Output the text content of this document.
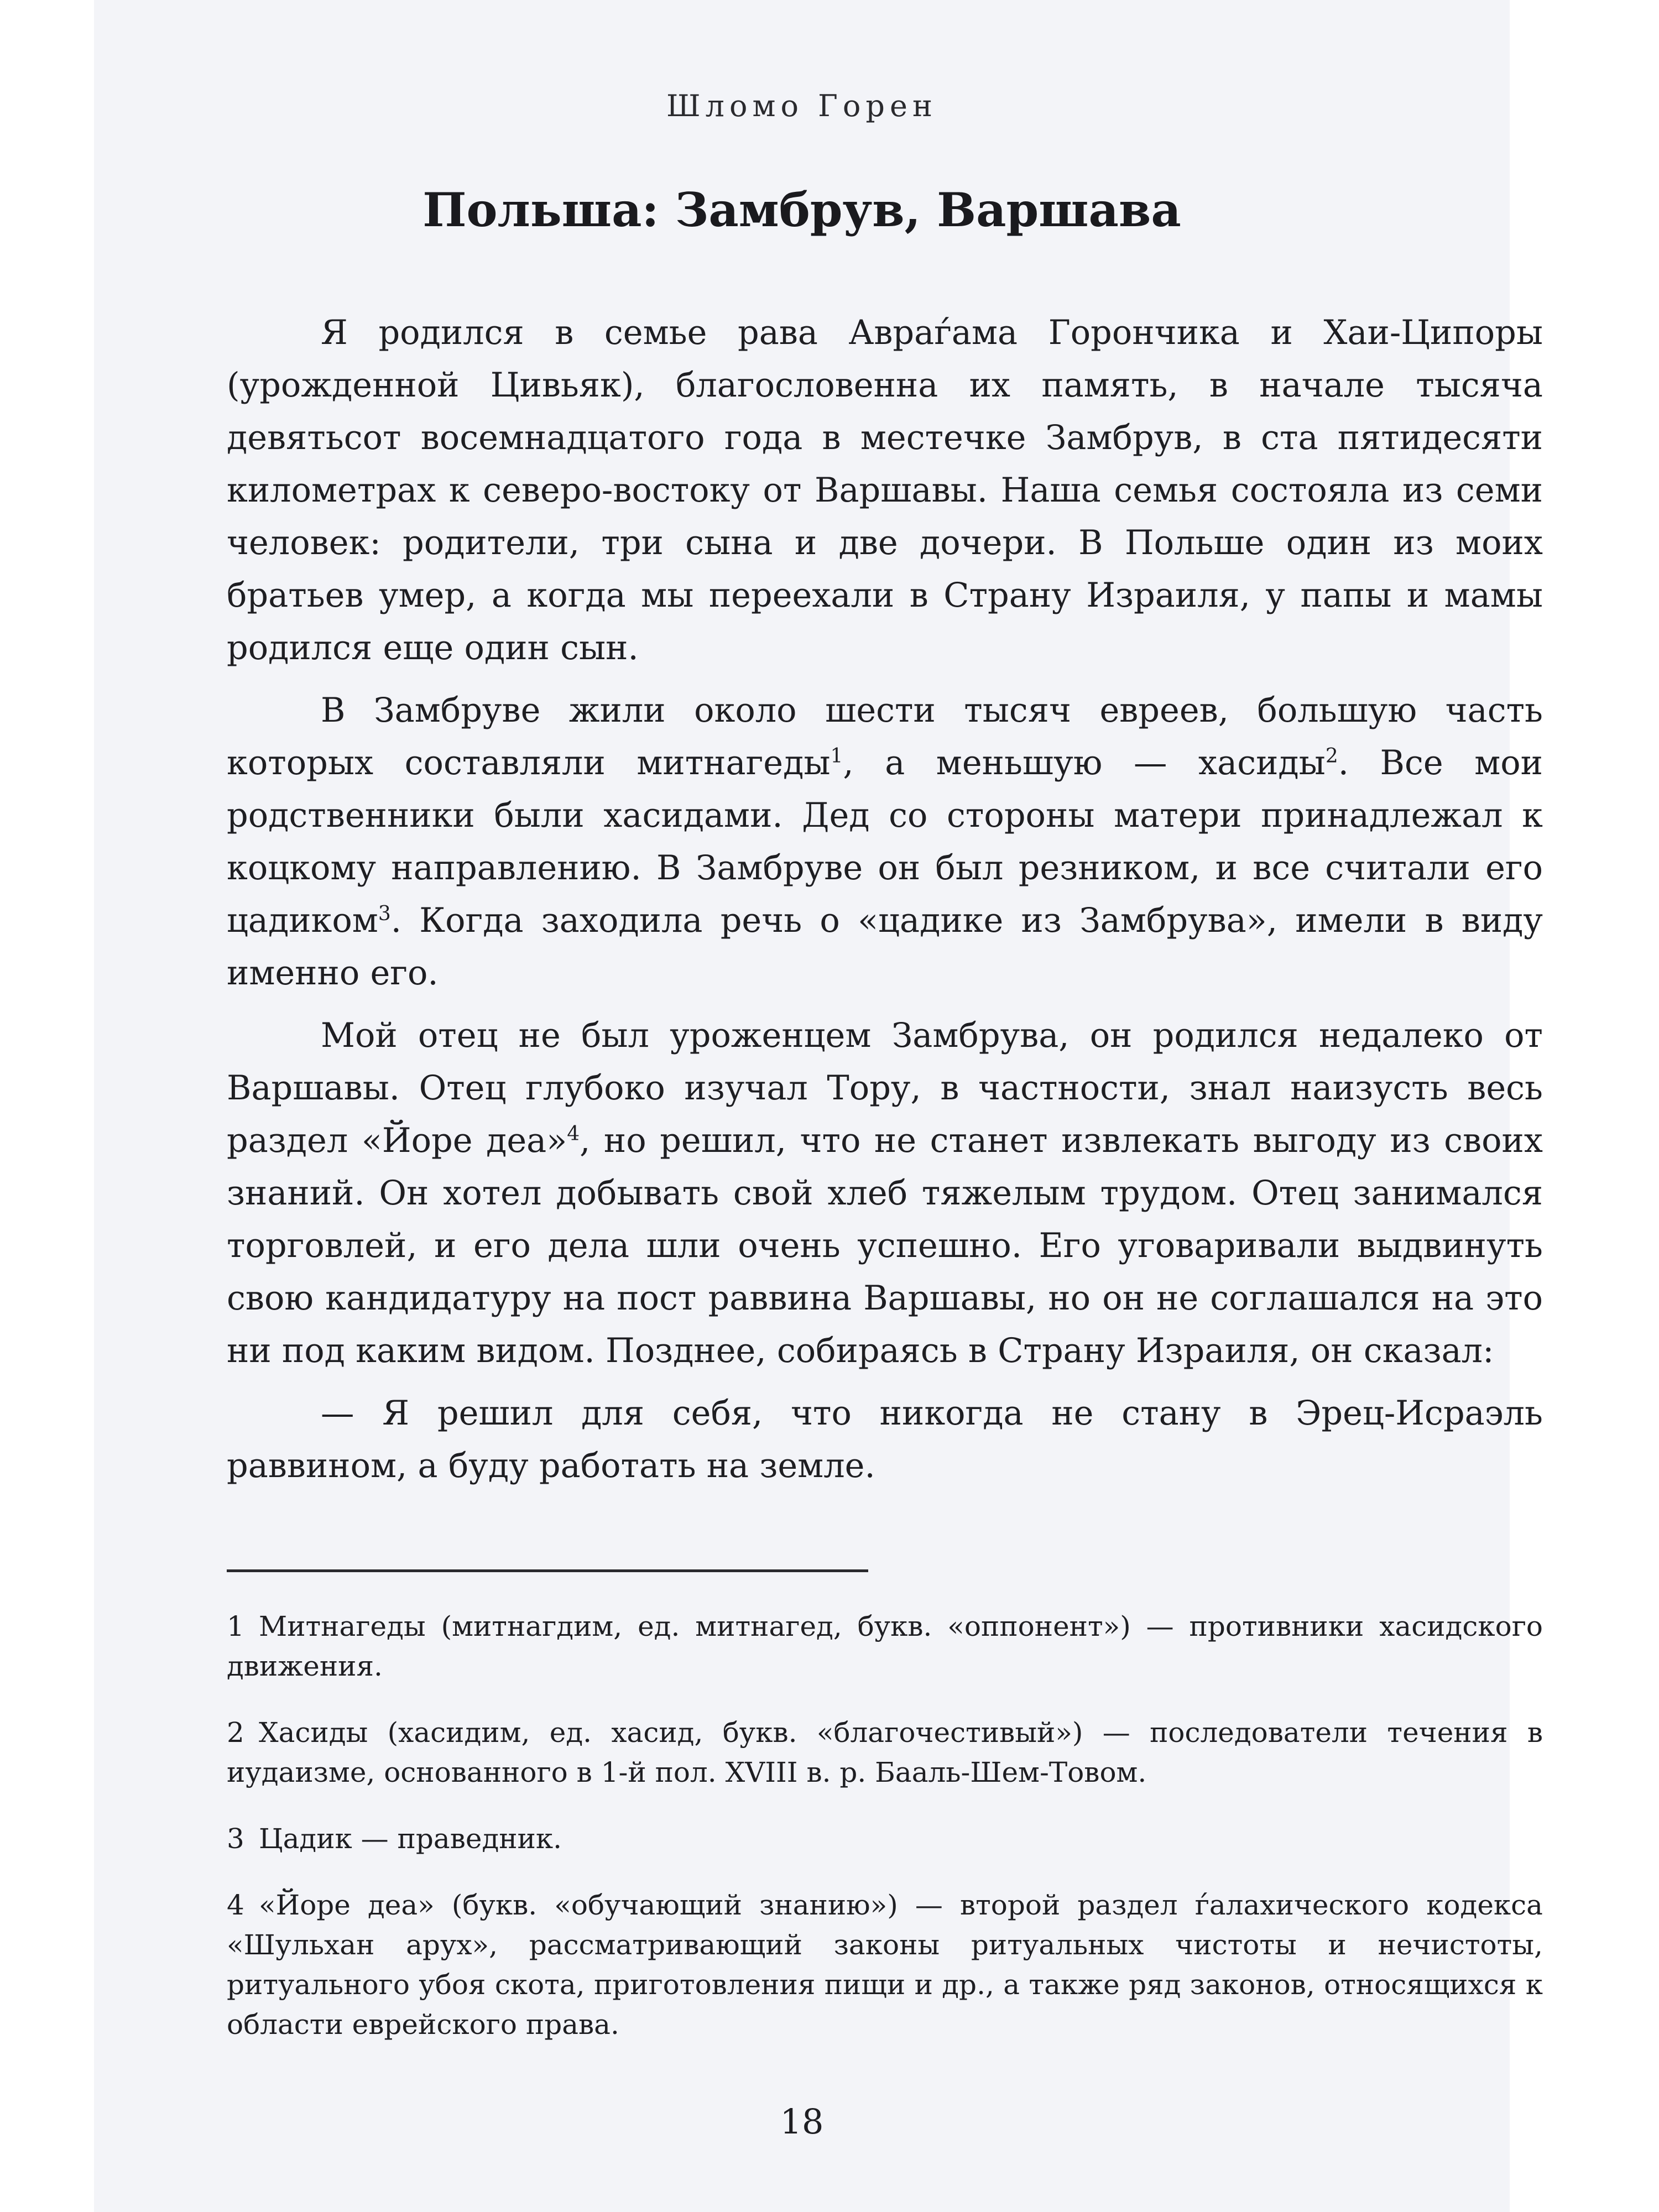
Шломо Горен
Польша: Замбрув, Варшава

Я родился в семье рава Авраѓама Горончика и Хаи-Ципоры (урожденной Цивьяк), благословенна их память, в начале тысяча девятьсот восемнадцатого года в местечке Замбрув, в ста пятидесяти километрах к северо-востоку от Варшавы. Наша семья состояла из семи человек: родители, три сына и две дочери. В Польше один из моих братьев умер, а когда мы переехали в Страну Израиля, у папы и мамы родился еще один сын.

В Замбруве жили около шести тысяч евреев, большую часть которых составляли митнагеды$^1$, а меньшую — хасиды$^2$. Все мои родственники были хасидами. Дед со стороны матери принадлежал к коцкому направлению. В Замбруве он был резником, и все считали его цадиком$^3$. Когда заходила речь о «цадике из Замбрува», имели в виду именно его.

Мой отец не был уроженцем Замбрува, он родился недалеко от Варшавы. Отец глубоко изучал Тору, в частности, знал наизусть весь раздел «Йоре деа»$^4$, но решил, что не станет извлекать выгоду из своих знаний. Он хотел добывать свой хлеб тяжелым трудом. Отец занимался торговлей, и его дела шли очень успешно. Его уговаривали выдвинуть свою кандидатуру на пост раввина Варшавы, но он не соглашался на это ни под каким видом. Позднее, собираясь в Страну Израиля, он сказал:

— Я решил для себя, что никогда не стану в Эрец-Исраэль раввином, а буду работать на земле.

1 Митнагеды (митнагдим, ед. митнагед, букв. «оппонент») — противники хасидского движения.

2 Хасиды (хасидим, ед. хасид, букв. «благочестивый») — последователи течения в иудаизме, основанного в 1-й пол. XVIII в. р. Бааль-Шем-Товом.

3 Цадик — праведник.

4 «Йоре деа» (букв. «обучающий знанию») — второй раздел ѓалахического кодекса «Шульхан арух», рассматривающий законы ритуальных чистоты и нечистоты, ритуального убоя скота, приготовления пищи и др., а также ряд законов, относящихся к области еврейского права.

18
